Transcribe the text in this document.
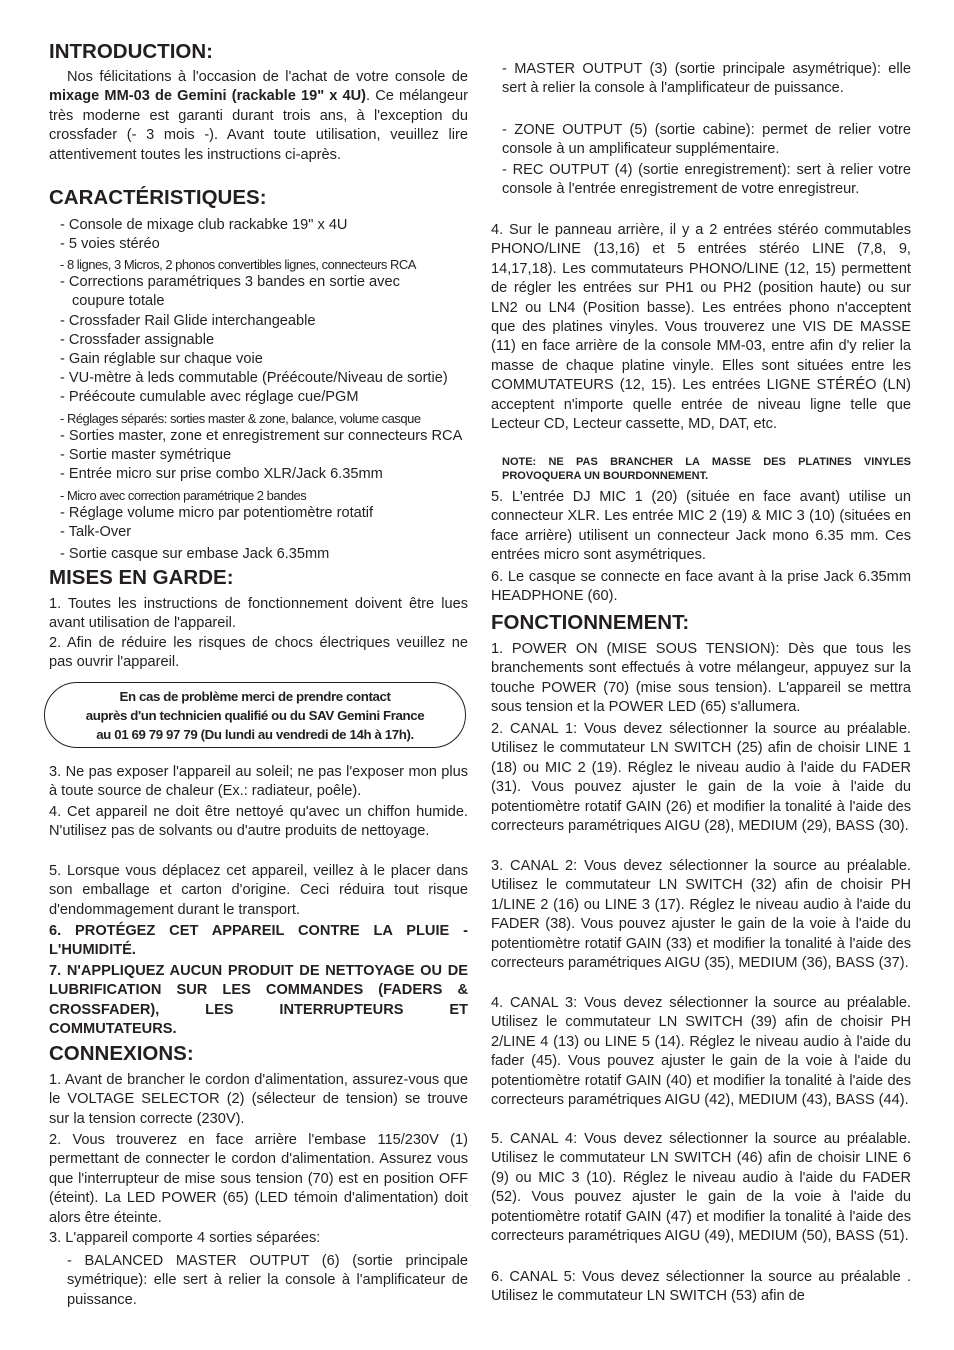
INTRODUCTION:

Nos félicitations à l'occasion de l'achat de votre console de mixage MM-03 de Gemini (rackable 19" x 4U). Ce mélangeur très moderne est garanti durant trois ans, à l'exception du crossfader (- 3 mois -). Avant toute utilisation, veuillez lire attentivement toutes les instructions ci-après.

CARACTÉRISTIQUES:

- Console de mixage club rackabke 19" x 4U

- 5 voies stéréo

- 8 lignes, 3 Micros, 2 phonos convertibles lignes, connecteurs RCA

- Corrections paramétriques 3 bandes en sortie avec

coupure totale

- Crossfader Rail Glide interchangeable

- Crossfader assignable

- Gain réglable sur chaque voie

- VU-mètre à leds commutable (Préécoute/Niveau de sortie)

- Préécoute cumulable avec réglage cue/PGM

- Réglages séparés: sorties master & zone, balance, volume casque

- Sorties master, zone et enregistrement sur connecteurs RCA

- Sortie master symétrique

- Entrée micro sur prise combo XLR/Jack 6.35mm

- Micro avec correction paramétrique 2 bandes

- Réglage volume micro par potentiomètre rotatif

- Talk-Over

- Sortie casque sur embase Jack 6.35mm

MISES EN GARDE:

1. Toutes les instructions de fonctionnement doivent être lues avant utilisation de l'appareil.

2. Afin de réduire les risques de chocs électriques veuillez ne pas ouvrir l'appareil.

En cas de problème merci de prendre contact
auprès d'un technicien qualifié ou du SAV Gemini France
au 01 69 79 97 79 (Du lundi au vendredi de 14h à 17h).

3. Ne pas exposer l'appareil au soleil; ne pas l'exposer mon plus à toute source de chaleur (Ex.: radiateur, poêle).

4. Cet appareil ne doit être nettoyé qu'avec un chiffon humide. N'utilisez pas de solvants ou d'autre produits de nettoyage.

5. Lorsque vous déplacez cet appareil, veillez à le placer dans son emballage et carton d'origine. Ceci réduira tout risque d'endommagement durant le transport.

6. PROTÉGEZ CET APPAREIL CONTRE LA PLUIE - L'HUMIDITÉ.

7. N'APPLIQUEZ AUCUN PRODUIT DE NETTOYAGE OU DE LUBRIFICATION SUR LES COMMANDES (FADERS & CROSSFADER), LES INTERRUPTEURS ET COMMUTATEURS.

CONNEXIONS:

1. Avant de brancher le cordon d'alimentation, assurez-vous que le VOLTAGE SELECTOR (2) (sélecteur de tension) se trouve sur la tension correcte (230V).

2. Vous trouverez en face arrière l'embase 115/230V (1) permettant de connecter le cordon d'alimentation. Assurez vous que l'interrupteur de mise sous tension (70) est en position OFF (éteint). La LED POWER (65) (LED témoin d'alimentation) doit alors être éteinte.

3. L'appareil comporte 4 sorties séparées:

- BALANCED MASTER OUTPUT (6) (sortie principale symétrique): elle sert à relier la console à l'amplificateur de puissance.

- MASTER OUTPUT (3) (sortie principale asymétrique): elle sert à relier la console à l'amplificateur de puissance.

- ZONE OUTPUT (5) (sortie cabine): permet de relier votre console à un amplificateur supplémentaire.

- REC OUTPUT (4) (sortie enregistrement): sert à relier votre console à l'entrée enregistrement de votre enregistreur.

4. Sur le panneau arrière, il y a 2 entrées stéréo commutables PHONO/LINE (13,16) et 5 entrées stéréo LINE (7,8, 9, 14,17,18). Les commutateurs PHONO/LINE (12, 15) permettent de régler les entrées sur PH1 ou PH2 (position haute) ou sur LN2 ou LN4 (Position basse). Les entrées phono n'acceptent que des platines vinyles. Vous trouverez une VIS DE MASSE (11) en face arrière de la console MM-03, entre afin d'y relier la masse de chaque platine vinyle. Elles sont situées entre les COMMUTATEURS (12, 15). Les entrées LIGNE STÉRÉO (LN) acceptent n'importe quelle entrée de niveau ligne telle que Lecteur CD, Lecteur cassette, MD, DAT, etc.

NOTE: NE PAS BRANCHER LA MASSE DES PLATINES VINYLES PROVOQUERA UN BOURDONNEMENT.

5. L'entrée DJ MIC 1 (20) (située en face avant) utilise un connecteur XLR. Les entrée MIC 2 (19) & MIC 3 (10) (situées en face arrière) utilisent un connecteur Jack mono 6.35 mm. Ces entrées micro sont asymétriques.

6. Le casque se connecte en face avant à la prise Jack 6.35mm HEADPHONE (60).

FONCTIONNEMENT:

1. POWER ON (MISE SOUS TENSION): Dès que tous les branchements sont effectués à votre mélangeur, appuyez sur la touche POWER (70) (mise sous tension). L'appareil se mettra sous tension et la POWER LED (65) s'allumera.

2. CANAL 1: Vous devez sélectionner la source au préalable. Utilisez le commutateur LN SWITCH (25) afin de choisir LINE 1 (18) ou MIC 2 (19). Réglez le niveau audio à l'aide du FADER (31). Vous pouvez ajuster le gain de la voie à l'aide du potentiomètre rotatif GAIN (26) et modifier la tonalité à l'aide des correcteurs paramétriques AIGU (28), MEDIUM (29), BASS (30).

3. CANAL 2: Vous devez sélectionner la source au préalable. Utilisez le commutateur LN SWITCH (32) afin de choisir PH 1/LINE 2 (16) ou LINE 3 (17). Réglez le niveau audio à l'aide du FADER (38). Vous pouvez ajuster le gain de la voie à l'aide du potentiomètre rotatif GAIN (33) et modifier la tonalité à l'aide des correcteurs paramétriques AIGU (35), MEDIUM (36), BASS (37).

4. CANAL 3: Vous devez sélectionner la source au préalable. Utilisez le commutateur LN SWITCH (39) afin de choisir PH 2/LINE 4 (13) ou LINE 5 (14). Réglez le niveau audio à l'aide du fader (45). Vous pouvez ajuster le gain de la voie à l'aide du potentiomètre rotatif GAIN (40) et modifier la tonalité à l'aide des correcteurs paramétriques AIGU (42), MEDIUM (43), BASS (44).

5. CANAL 4: Vous devez sélectionner la source au préalable. Utilisez le commutateur LN SWITCH (46) afin de choisir LINE 6 (9) ou MIC 3 (10). Réglez le niveau audio à l'aide du FADER (52). Vous pouvez ajuster le gain de la voie à l'aide du potentiomètre rotatif GAIN (47) et modifier la tonalité à l'aide des correcteurs paramétriques AIGU (49), MEDIUM (50), BASS (51).

6. CANAL 5: Vous devez sélectionner la source au préalable . Utilisez le commutateur LN SWITCH (53) afin de
